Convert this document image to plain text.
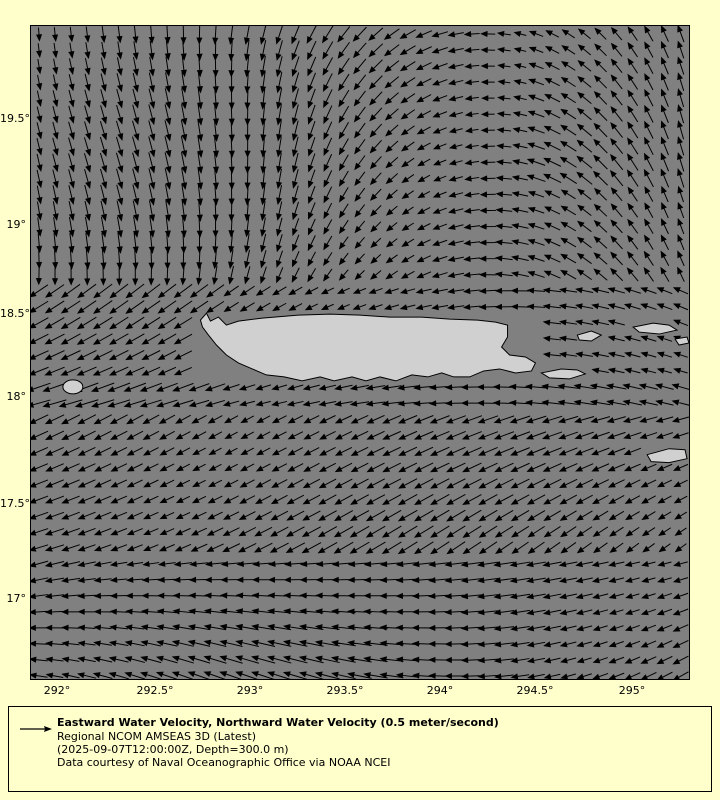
19.5°
19°
18.5°
18°
17.5°
17°
292°	292.5°	293°	293.5°	294°	294.5°	295°
Eastward Water Velocity, Northward Water Velocity (0.5 meter/second)
Regional NCOM AMSEAS 3D (Latest)
(2025-09-07T12:00:00Z, Depth=300.0 m)
Data courtesy of Naval Oceanographic Office via NOAA NCEI
